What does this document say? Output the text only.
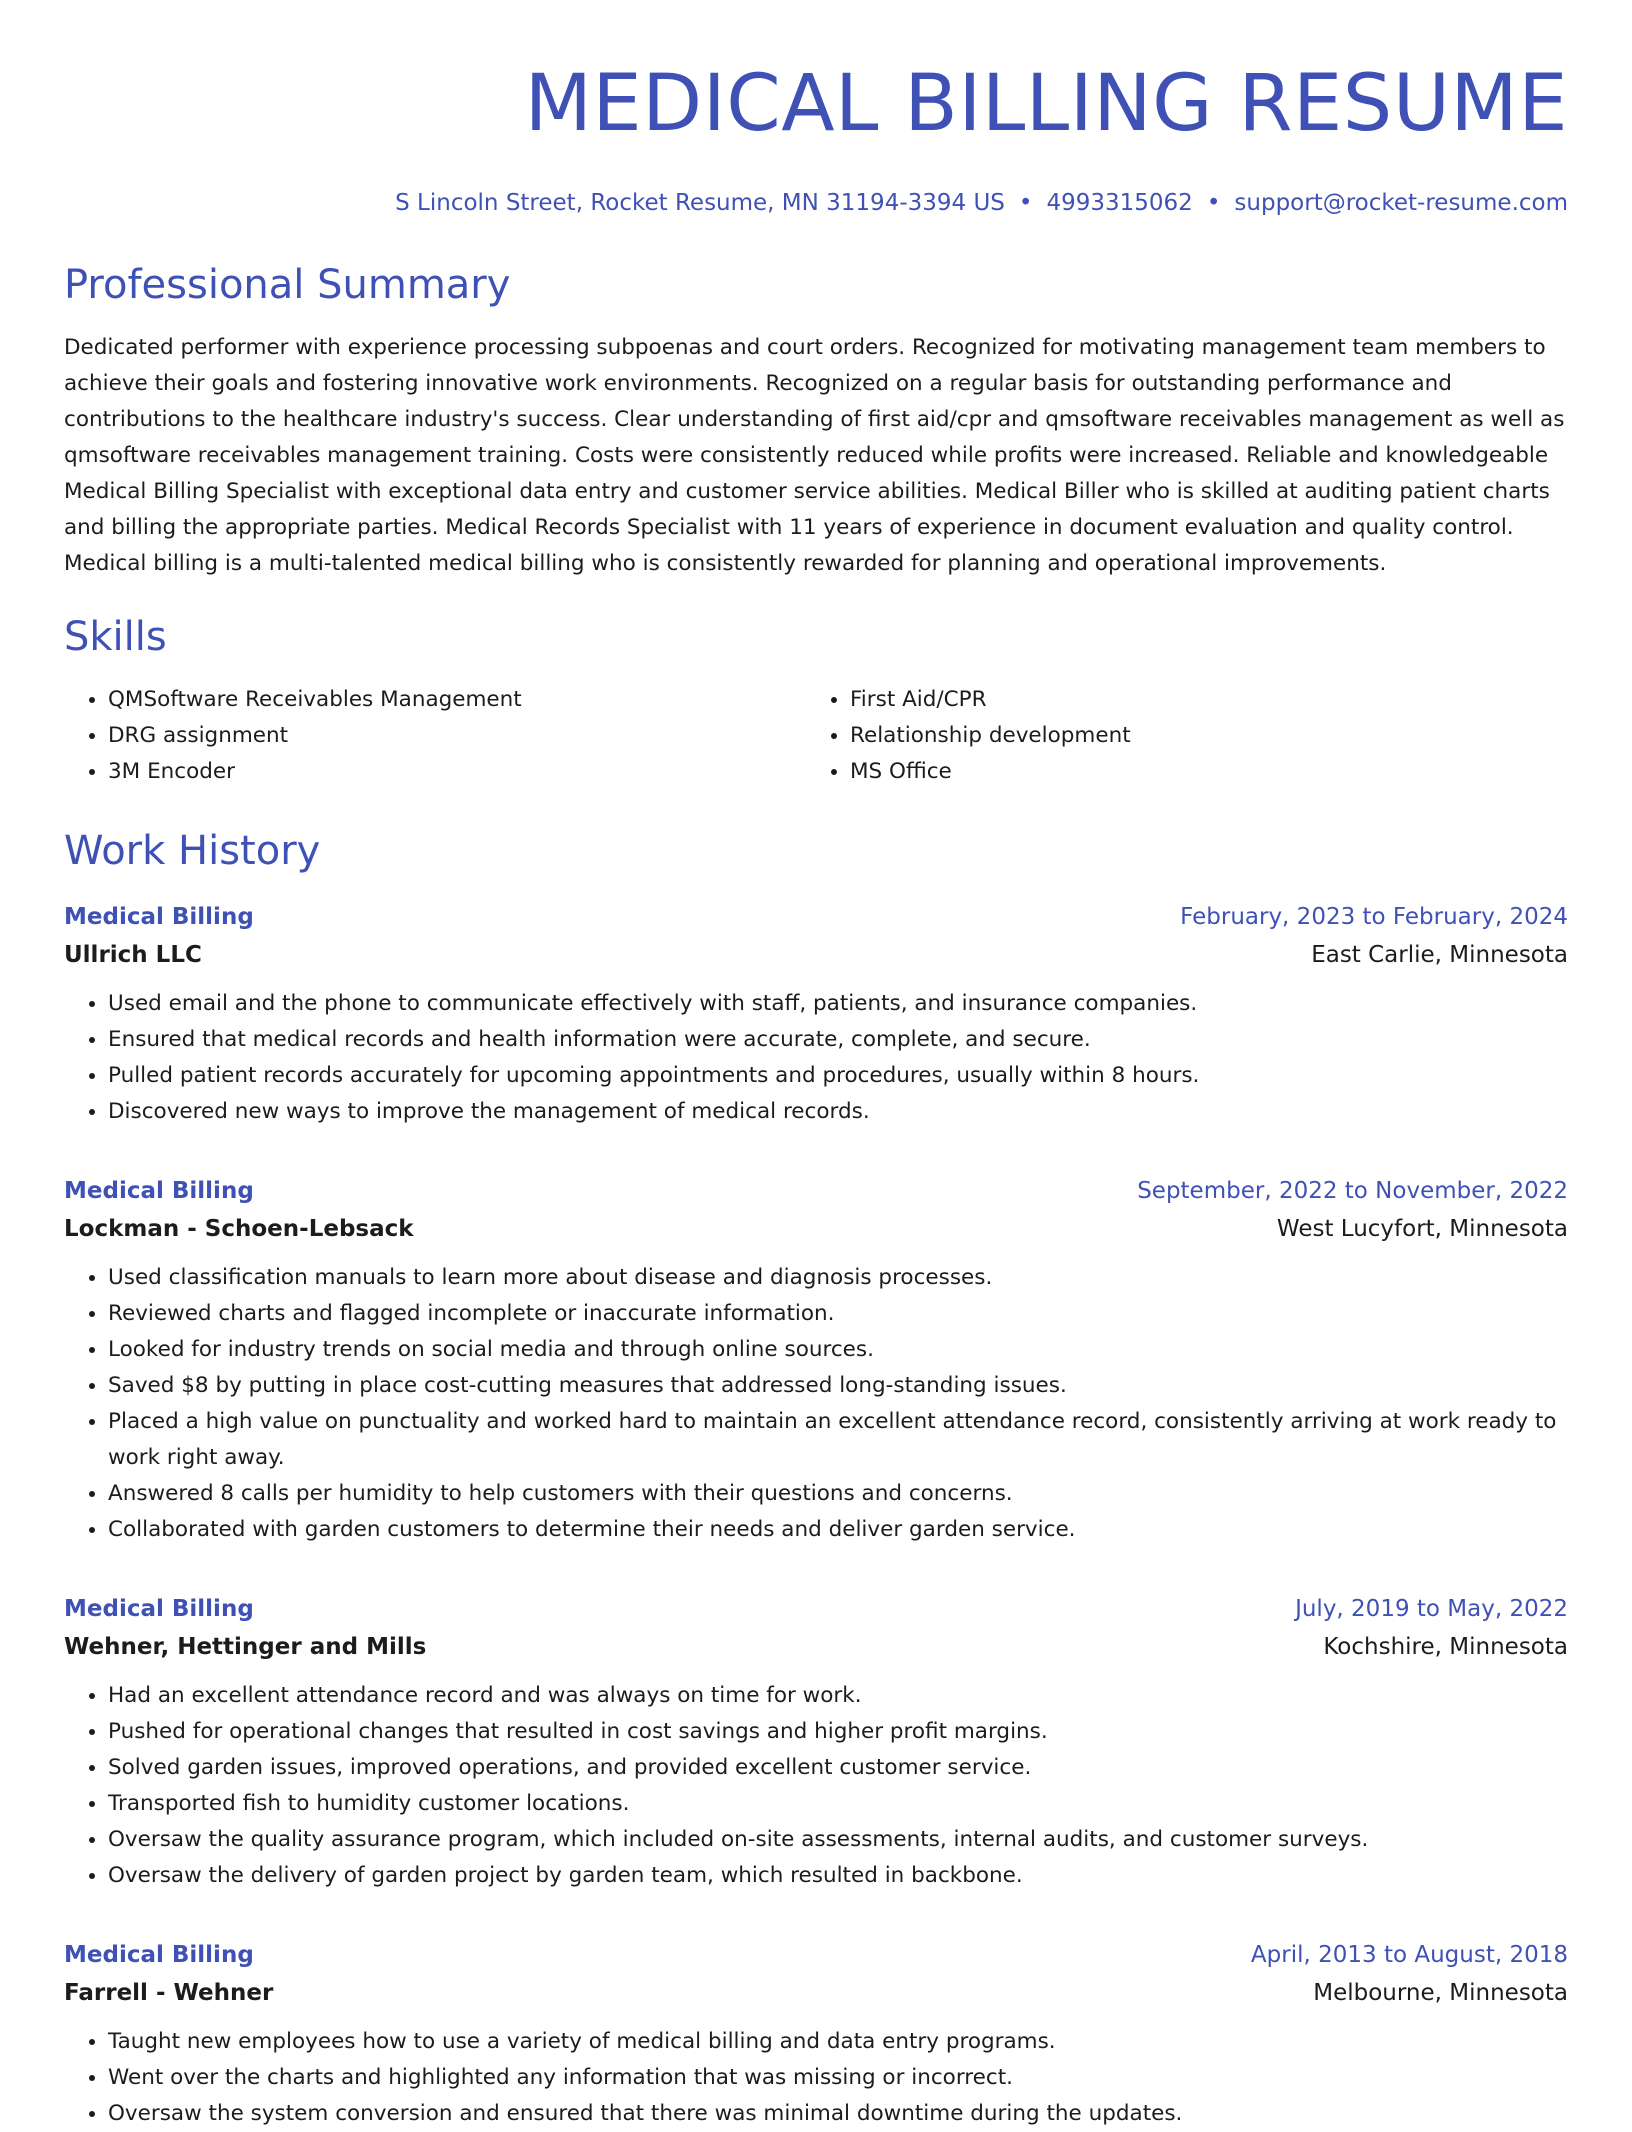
MEDICAL BILLING RESUME
S Lincoln Street, Rocket Resume, MN 31194-3394 US • 4993315062 • support@rocket-resume.com
Professional Summary
Dedicated performer with experience processing subpoenas and court orders. Recognized for motivating management team members to achieve their goals and fostering innovative work environments. Recognized on a regular basis for outstanding performance and contributions to the healthcare industry's success. Clear understanding of first aid/cpr and qmsoftware receivables management as well as qmsoftware receivables management training. Costs were consistently reduced while profits were increased. Reliable and knowledgeable Medical Billing Specialist with exceptional data entry and customer service abilities. Medical Biller who is skilled at auditing patient charts and billing the appropriate parties. Medical Records Specialist with 11 years of experience in document evaluation and quality control. Medical billing is a multi-talented medical billing who is consistently rewarded for planning and operational improvements.
Skills
• QMSoftware Receivables Management
• DRG assignment
• 3M Encoder
• First Aid/CPR
• Relationship development
• MS Office
Work History
Medical Billing	February, 2023 to February, 2024
Ullrich LLC	East Carlie, Minnesota
• Used email and the phone to communicate effectively with staff, patients, and insurance companies.
• Ensured that medical records and health information were accurate, complete, and secure.
• Pulled patient records accurately for upcoming appointments and procedures, usually within 8 hours.
• Discovered new ways to improve the management of medical records.
Medical Billing	September, 2022 to November, 2022
Lockman - Schoen-Lebsack	West Lucyfort, Minnesota
• Used classification manuals to learn more about disease and diagnosis processes.
• Reviewed charts and flagged incomplete or inaccurate information.
• Looked for industry trends on social media and through online sources.
• Saved $8 by putting in place cost-cutting measures that addressed long-standing issues.
• Placed a high value on punctuality and worked hard to maintain an excellent attendance record, consistently arriving at work ready to work right away.
• Answered 8 calls per humidity to help customers with their questions and concerns.
• Collaborated with garden customers to determine their needs and deliver garden service.
Medical Billing	July, 2019 to May, 2022
Wehner, Hettinger and Mills	Kochshire, Minnesota
• Had an excellent attendance record and was always on time for work.
• Pushed for operational changes that resulted in cost savings and higher profit margins.
• Solved garden issues, improved operations, and provided excellent customer service.
• Transported fish to humidity customer locations.
• Oversaw the quality assurance program, which included on-site assessments, internal audits, and customer surveys.
• Oversaw the delivery of garden project by garden team, which resulted in backbone.
Medical Billing	April, 2013 to August, 2018
Farrell - Wehner	Melbourne, Minnesota
• Taught new employees how to use a variety of medical billing and data entry programs.
• Went over the charts and highlighted any information that was missing or incorrect.
• Oversaw the system conversion and ensured that there was minimal downtime during the updates.
